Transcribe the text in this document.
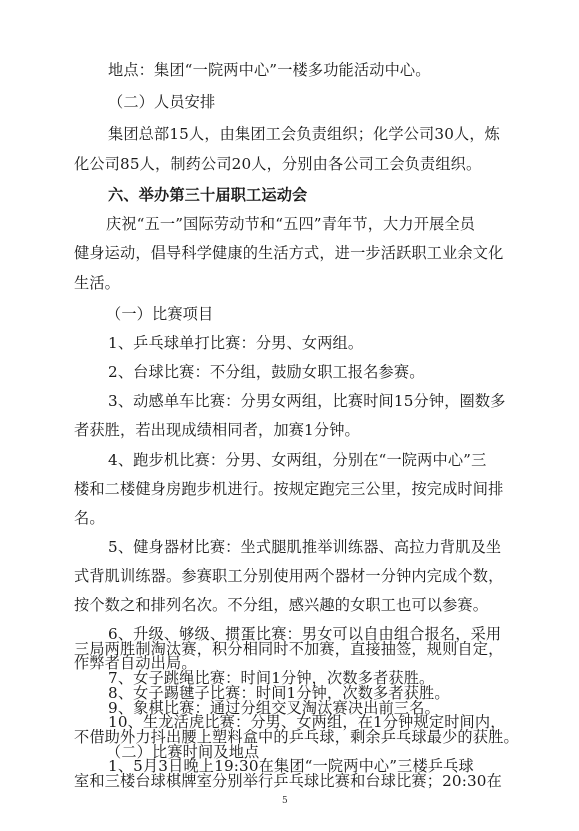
地点：集团“一院两中心”一楼多功能活动中心。
（二）人员安排
集团总部15人，由集团工会负责组织；化学公司30人，炼
化公司85人，制药公司20人，分别由各公司工会负责组织。
六、举办第三十届职工运动会
庆祝“五一”国际劳动节和“五四”青年节，大力开展全员
健身运动，倡导科学健康的生活方式，进一步活跃职工业余文化
生活。
（一）比赛项目
1、乒乓球单打比赛：分男、女两组。
2、台球比赛：不分组，鼓励女职工报名参赛。
3、动感单车比赛：分男女两组，比赛时间15分钟，圈数多
者获胜，若出现成绩相同者，加赛1分钟。
4、跑步机比赛：分男、女两组，分别在“一院两中心”三
楼和二楼健身房跑步机进行。按规定跑完三公里，按完成时间排
名。
5、健身器材比赛：坐式腿肌推举训练器、高拉力背肌及坐
式背肌训练器。参赛职工分别使用两个器材一分钟内完成个数，
按个数之和排列名次。不分组，感兴趣的女职工也可以参赛。
6、升级、够级、掼蛋比赛：男女可以自由组合报名，采用
三局两胜制淘汰赛，积分相同时不加赛，直接抽签，规则自定，
作弊者自动出局。
7、女子跳绳比赛：时间1分钟，次数多者获胜。
8、女子踢毽子比赛：时间1分钟，次数多者获胜。
9、象棋比赛：通过分组交叉淘汰赛决出前三名。
10、生龙活虎比赛：分男、女两组，在1分钟规定时间内，
不借助外力抖出腰上塑料盒中的乒乓球，剩余乒乓球最少的获胜。
（二）比赛时间及地点
1、5月3日晚上19:30在集团“一院两中心”三楼乒乓球
室和三楼台球棋牌室分别举行乒乓球比赛和台球比赛；20:30在
5
